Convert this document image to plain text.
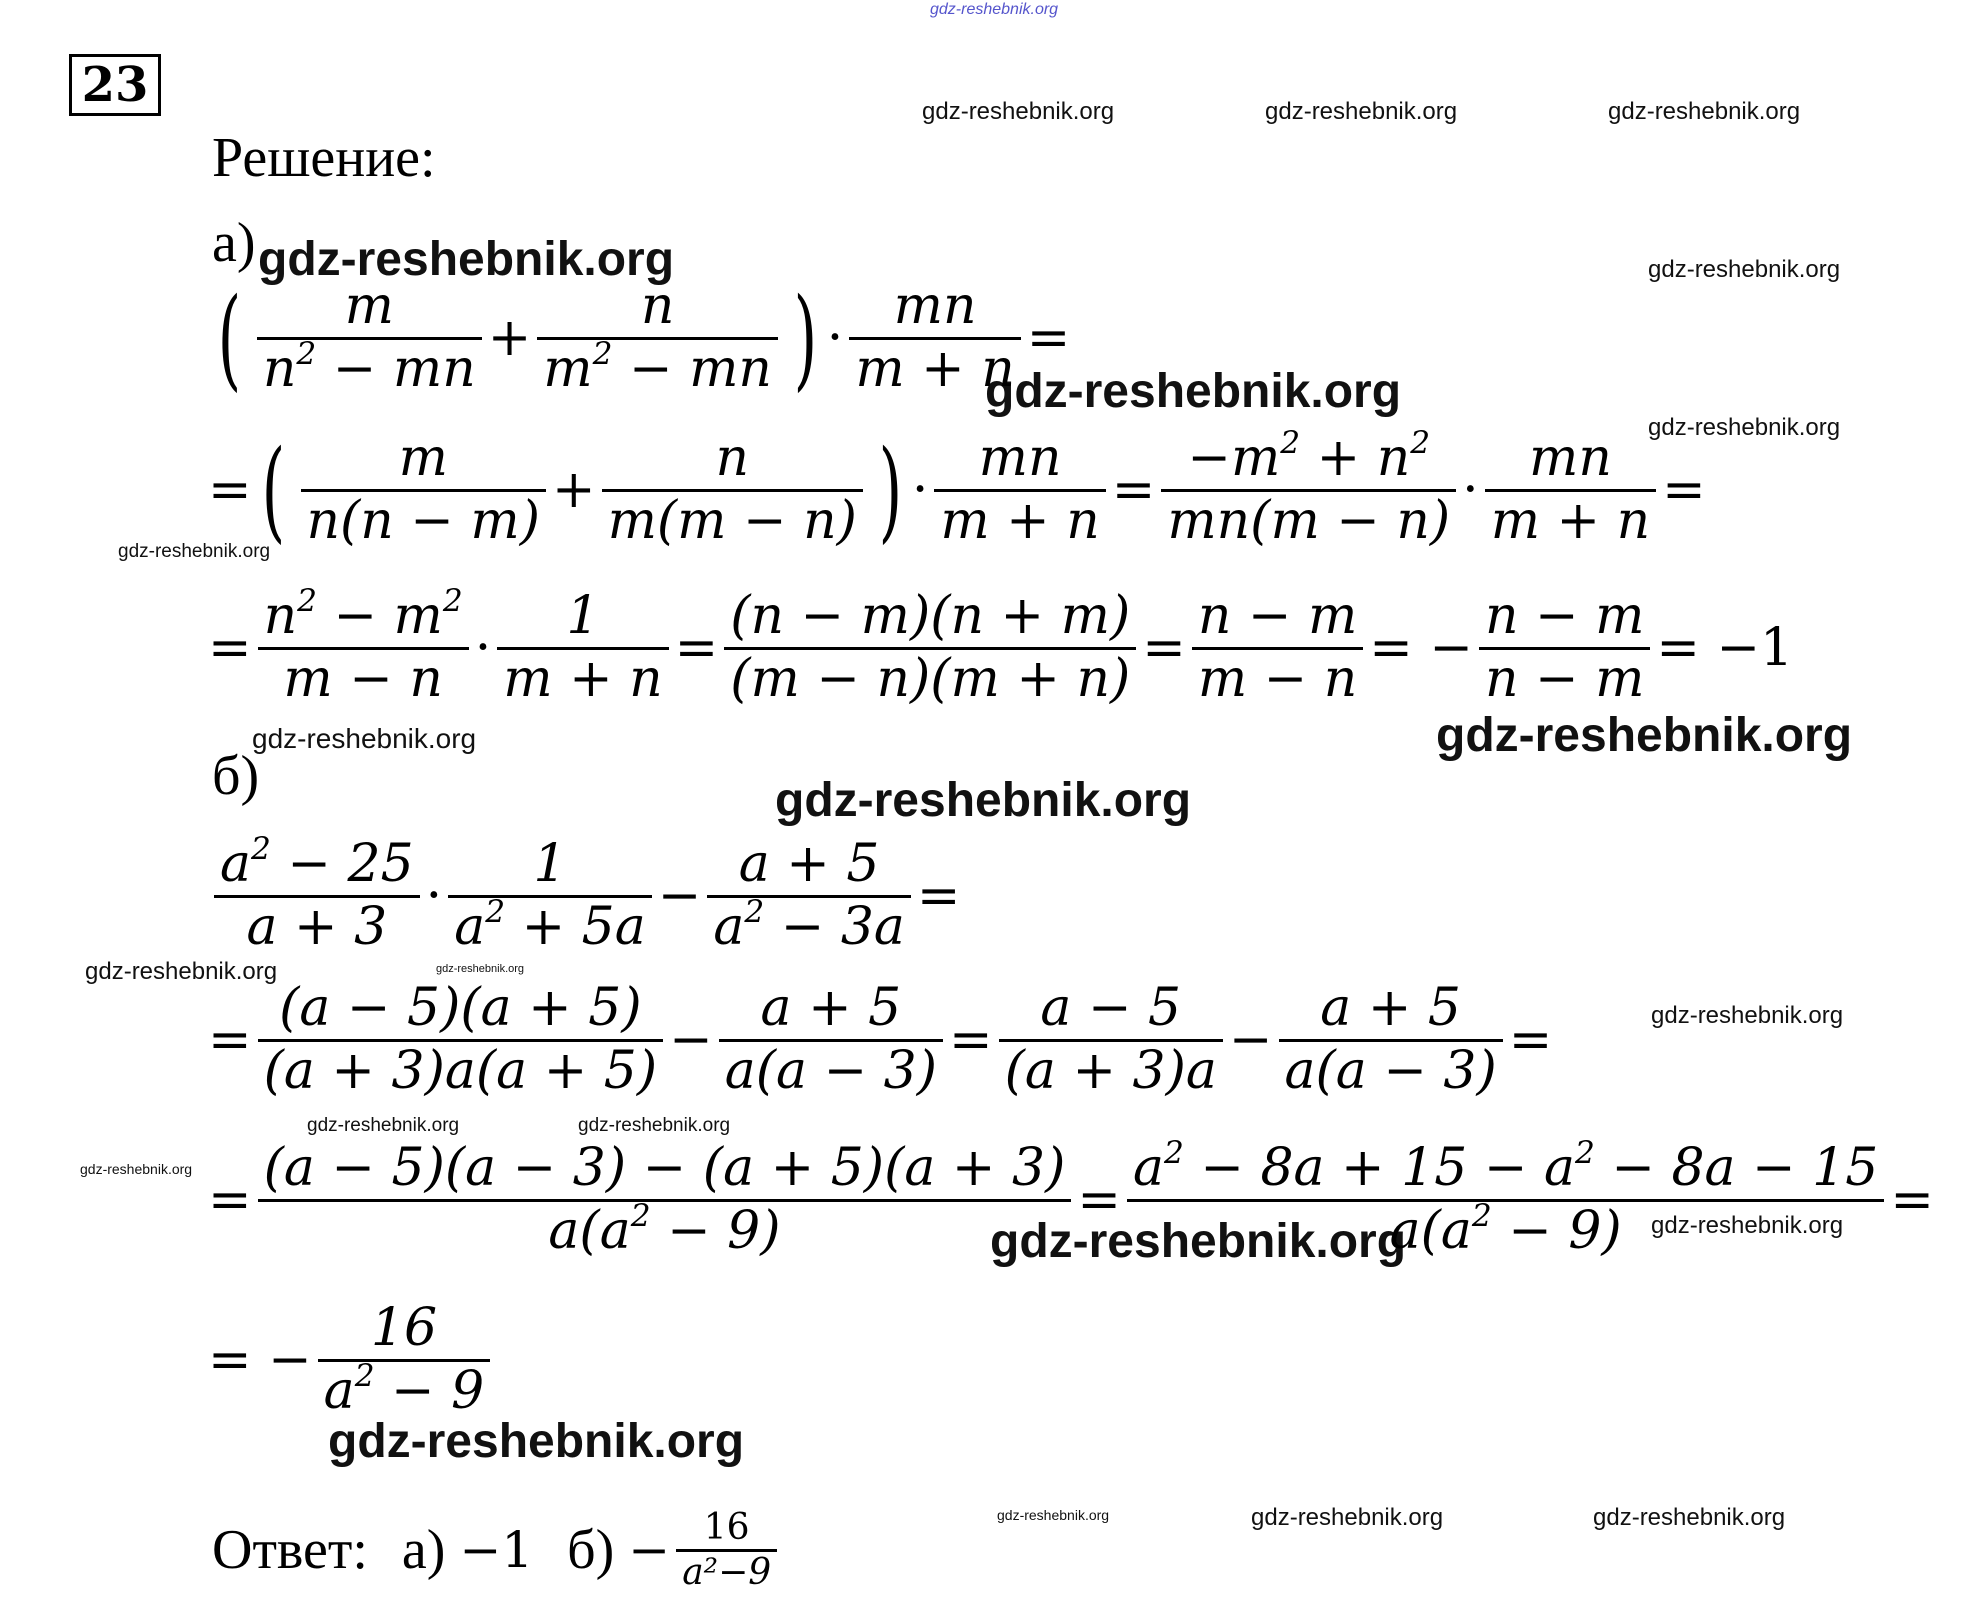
23
gdz-reshebnik.org
gdz-reshebnik.org	gdz-reshebnik.org	gdz-reshebnik.org
gdz-reshebnik.org
gdz-reshebnik.org
gdz-reshebnik.org
gdz-reshebnik.org
gdz-reshebnik.org
gdz-reshebnik.org	gdz-reshebnik.org
gdz-reshebnik.org
gdz-reshebnik.org	gdz-reshebnik.org
gdz-reshebnik.org
gdz-reshebnik.org	gdz-reshebnik.org
gdz-reshebnik.org
gdz-reshebnik.org	gdz-reshebnik.org
gdz-reshebnik.org
gdz-reshebnik.org	gdz-reshebnik.org	gdz-reshebnik.org
Решение:
а)
( $\frac{m}{n^2 - mn} + \frac{n}{m^2 - mn}$ ) · $\frac{mn}{m + n}$ =
= ( $\frac{m}{n(n - m)} + \frac{n}{m(m - n)}$ ) · $\frac{mn}{m + n} = \frac{-m^2 + n^2}{mn(m - n)} \cdot \frac{mn}{m + n}$ =
= $\frac{n^2 - m^2}{m - n} \cdot \frac{1}{m + n} = \frac{(n - m)(n + m)}{(m - n)(m + n)} = \frac{n - m}{m - n}$ = − $\frac{n - m}{n - m} = -1$
б)
$\frac{a^2 - 25}{a + 3} \cdot \frac{1}{a^2 + 5a} - \frac{a + 5}{a^2 - 3a}$ =
= $\frac{(a - 5)(a + 5)}{(a + 3)a(a + 5)} - \frac{a + 5}{a(a - 3)} = \frac{a - 5}{(a + 3)a} - \frac{a + 5}{a(a - 3)}$ =
= $\frac{(a - 5)(a - 3) - (a + 5)(a + 3)}{a(a^2 - 9)} = \frac{a^2 - 8a + 15 - a^2 - 8a - 15}{a(a^2 - 9)}$ =
= − $\frac{16}{a^2 - 9}$
Ответ: а) −1 $б) - \frac{16}{\text{a²−9}}$
